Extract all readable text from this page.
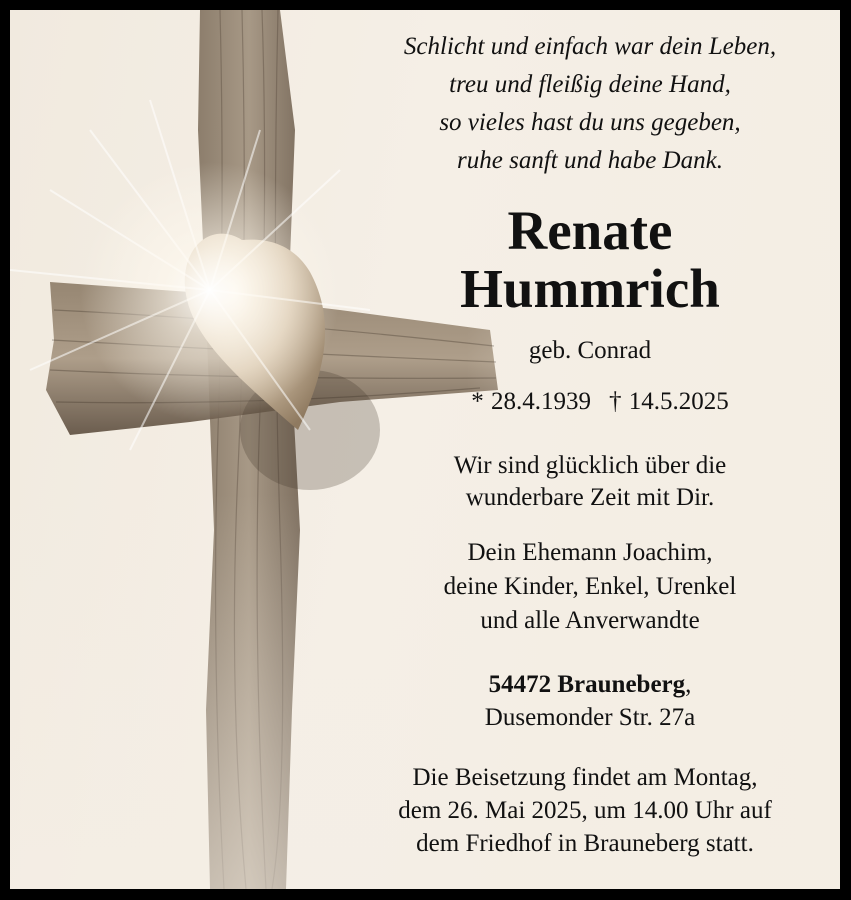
Schlicht und einfach war dein Leben,
treu und fleißig deine Hand,
so vieles hast du uns gegeben,
ruhe sanft und habe Dank.
Renate
Hummrich
geb. Conrad
* 28.4.1939 † 14.5.2025
Wir sind glücklich über die
wunderbare Zeit mit Dir.
Dein Ehemann Joachim,
deine Kinder, Enkel, Urenkel
und alle Anverwandte
54472 Brauneberg,
Dusemonder Str. 27a
Die Beisetzung findet am Montag,
dem 26. Mai 2025, um 14.00 Uhr auf
dem Friedhof in Brauneberg statt.
